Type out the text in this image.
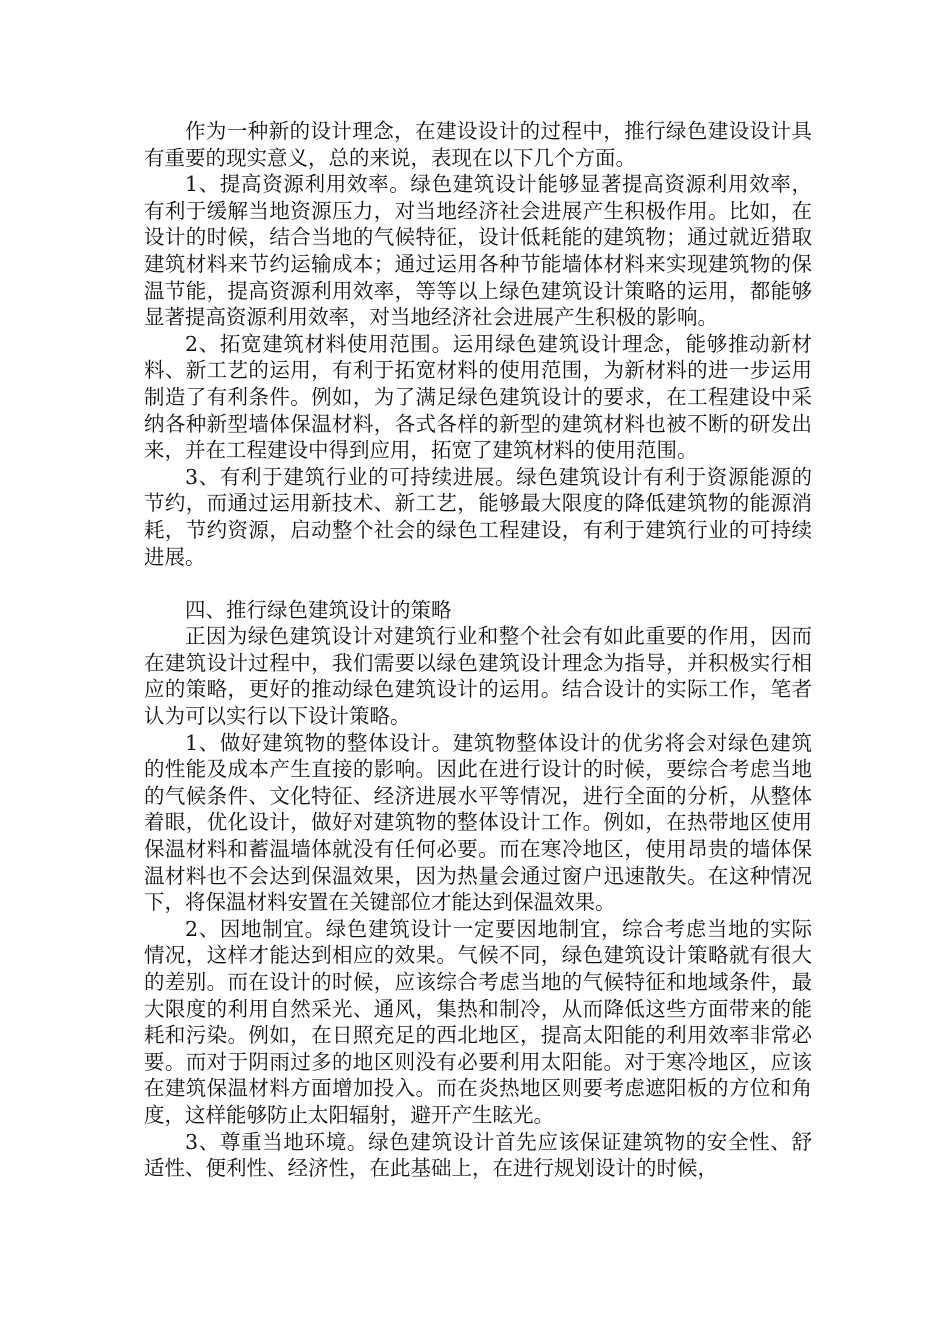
作为一种新的设计理念，在建设设计的过程中，推行绿色建设设计具有重要的现实意义，总的来说，表现在以下几个方面。

1、提高资源利用效率。绿色建筑设计能够显著提高资源利用效率，有利于缓解当地资源压力，对当地经济社会进展产生积极作用。比如，在设计的时候，结合当地的气候特征，设计低耗能的建筑物；通过就近猎取建筑材料来节约运输成本；通过运用各种节能墙体材料来实现建筑物的保温节能，提高资源利用效率，等等以上绿色建筑设计策略的运用，都能够显著提高资源利用效率，对当地经济社会进展产生积极的影响。

2、拓宽建筑材料使用范围。运用绿色建筑设计理念，能够推动新材料、新工艺的运用，有利于拓宽材料的使用范围，为新材料的进一步运用制造了有利条件。例如，为了满足绿色建筑设计的要求，在工程建设中采纳各种新型墙体保温材料，各式各样的新型的建筑材料也被不断的研发出来，并在工程建设中得到应用，拓宽了建筑材料的使用范围。

3、有利于建筑行业的可持续进展。绿色建筑设计有利于资源能源的节约，而通过运用新技术、新工艺，能够最大限度的降低建筑物的能源消耗，节约资源，启动整个社会的绿色工程建设，有利于建筑行业的可持续进展。

四、推行绿色建筑设计的策略

正因为绿色建筑设计对建筑行业和整个社会有如此重要的作用，因而在建筑设计过程中，我们需要以绿色建筑设计理念为指导，并积极实行相应的策略，更好的推动绿色建筑设计的运用。结合设计的实际工作，笔者认为可以实行以下设计策略。

1、做好建筑物的整体设计。建筑物整体设计的优劣将会对绿色建筑的性能及成本产生直接的影响。因此在进行设计的时候，要综合考虑当地的气候条件、文化特征、经济进展水平等情况，进行全面的分析，从整体着眼，优化设计，做好对建筑物的整体设计工作。例如，在热带地区使用保温材料和蓄温墙体就没有任何必要。而在寒冷地区，使用昂贵的墙体保温材料也不会达到保温效果，因为热量会通过窗户迅速散失。在这种情况下，将保温材料安置在关键部位才能达到保温效果。

2、因地制宜。绿色建筑设计一定要因地制宜，综合考虑当地的实际情况，这样才能达到相应的效果。气候不同，绿色建筑设计策略就有很大的差别。而在设计的时候，应该综合考虑当地的气候特征和地域条件，最大限度的利用自然采光、通风，集热和制冷，从而降低这些方面带来的能耗和污染。例如，在日照充足的西北地区，提高太阳能的利用效率非常必要。而对于阴雨过多的地区则没有必要利用太阳能。对于寒冷地区，应该在建筑保温材料方面增加投入。而在炎热地区则要考虑遮阳板的方位和角度，这样能够防止太阳辐射，避开产生眩光。

3、尊重当地环境。绿色建筑设计首先应该保证建筑物的安全性、舒适性、便利性、经济性，在此基础上，在进行规划设计的时候，
